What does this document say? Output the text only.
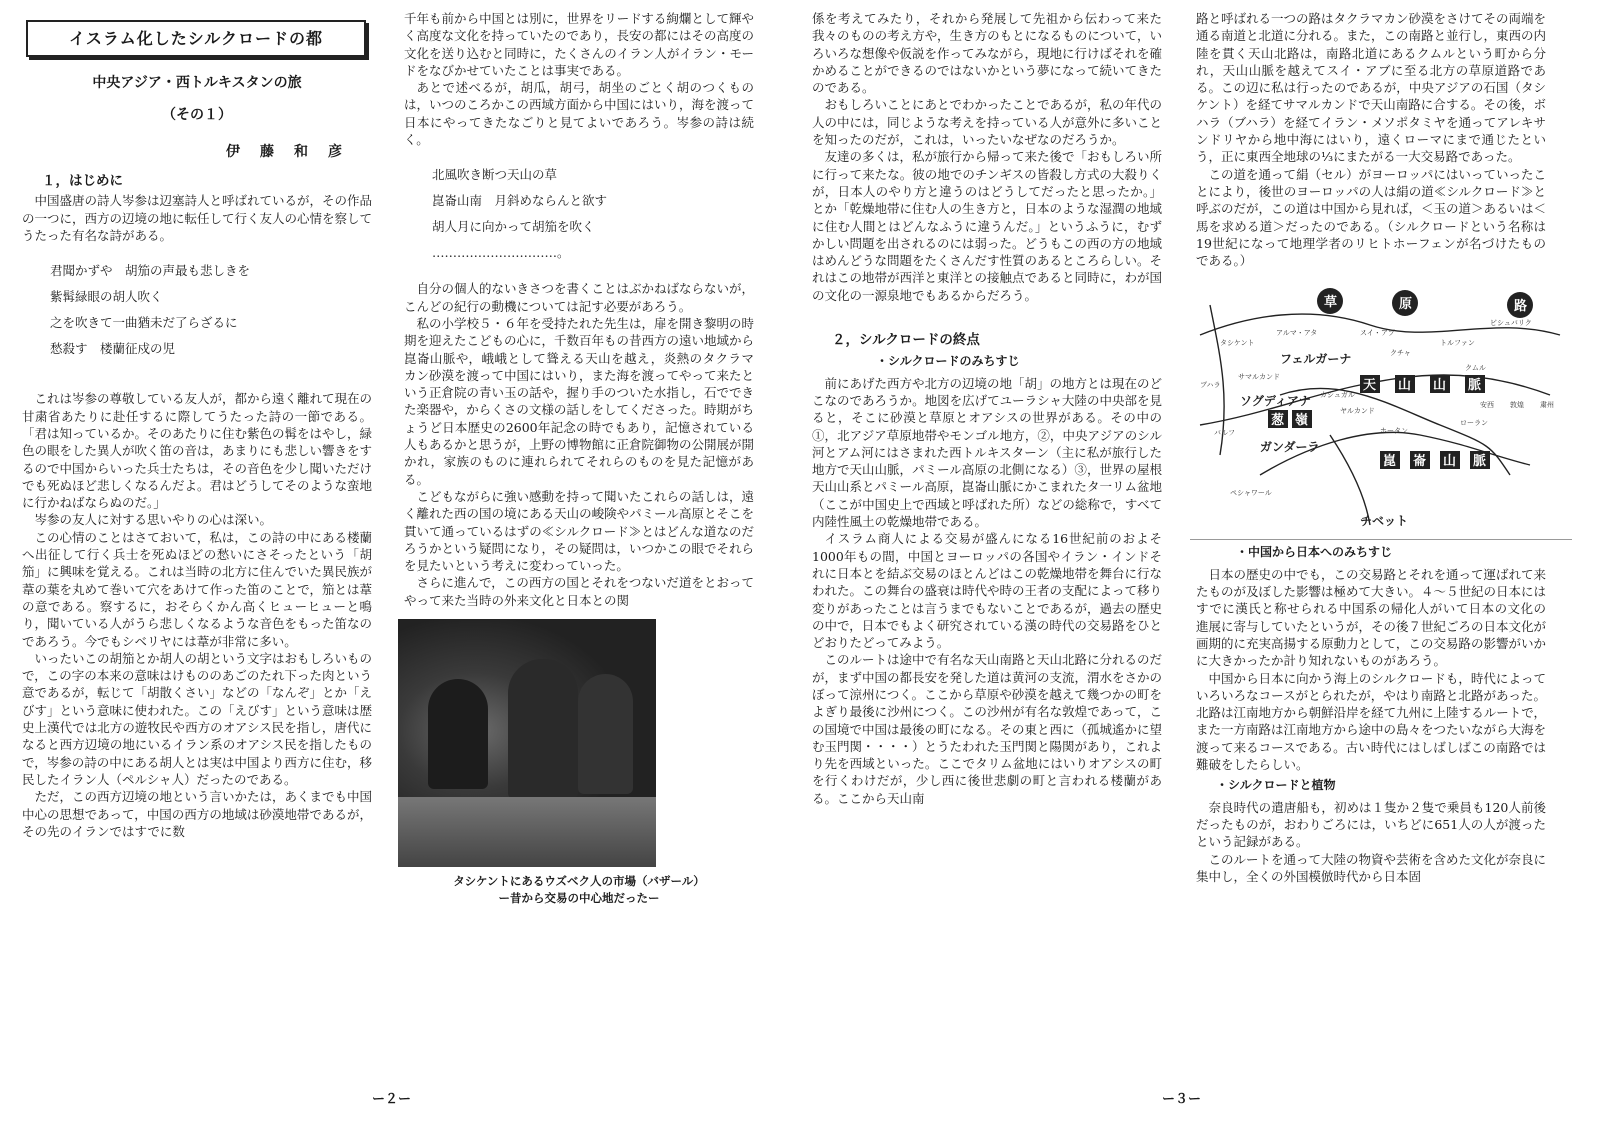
イスラム化したシルクロードの都
中央アジア・西トルキスタンの旅
（その１）
伊藤和彦
１，はじめに

中国盛唐の詩人岑参は辺塞詩人と呼ばれているが，その作品の一つに，西方の辺境の地に転任して行く友人の心情を察してうたった有名な詩がある。

君聞かずや　胡笳の声最も悲しきを
紫髯緑眼の胡人吹く
之を吹きて一曲猶未だ了らざるに
愁殺す　楼蘭征戍の児

これは岑参の尊敬している友人が，都から遠く離れて現在の甘粛省あたりに赴任するに際してうたった詩の一節である。「君は知っているか。そのあたりに住む紫色の髯をはやし，緑色の眼をした異人が吹く笛の音は，あまりにも悲しい響きをするので中国からいった兵士たちは，その音色を少し聞いただけでも死ぬほど悲しくなるんだよ。君はどうしてそのような蛮地に行かねばならぬのだ。」

岑参の友人に対する思いやりの心は深い。

この心情のことはさておいて，私は，この詩の中にある楼蘭へ出征して行く兵士を死ぬほどの愁いにさそったという「胡笳」に興味を覚える。これは当時の北方に住んでいた異民族が葦の葉を丸めて巻いて穴をあけて作った笛のことで，笳とは葦の意である。察するに，おそらくかん高くヒューヒューと鳴り，聞いている人がうら悲しくなるような音色をもった笛なのであろう。今でもシベリヤには葦が非常に多い。

いったいこの胡笳とか胡人の胡という文字はおもしろいもので，この字の本来の意味はけもののあごのたれ下った肉という意であるが，転じて「胡散くさい」などの「なんぞ」とか「えびす」という意味に使われた。この「えびす」という意味は歴史上漢代では北方の遊牧民や西方のオアシス民を指し，唐代になると西方辺境の地にいるイラン系のオアシス民を指したもので，岑参の詩の中にある胡人とは実は中国より西方に住む，移民したイラン人（ペルシャ人）だったのである。

ただ，この西方辺境の地という言いかたは，あくまでも中国中心の思想であって，中国の西方の地域は砂漠地帯であるが，その先のイランではすでに数

千年も前から中国とは別に，世界をリードする絢爛として輝やく高度な文化を持っていたのであり，長安の都にはその高度の文化を送り込むと同時に，たくさんのイラン人がイラン・モードをなびかせていたことは事実である。

あとで述べるが，胡瓜，胡弓，胡坐のごとく胡のつくものは，いつのころかこの西域方面から中国にはいり，海を渡って日本にやってきたなごりと見てよいであろう。岑参の詩は続く。

北風吹き断つ天山の草
崑崙山南　月斜めならんと欲す
胡人月に向かって胡笳を吹く
…………………………。

自分の個人的ないきさつを書くことはぶかねばならないが，こんどの紀行の動機については記す必要があろう。

私の小学校５・６年を受持たれた先生は，扉を開き黎明の時期を迎えたこどもの心に，千数百年もの昔西方の遠い地域から崑崙山脈や，峨峨として聳える天山を越え，炎熱のタクラマカン砂漠を渡って中国にはいり，また海を渡ってやって来たという正倉院の青い玉の話や，握り手のついた水指し，石でできた楽器や，からくさの文様の話しをしてくださった。時期がちょうど日本歴史の2600年記念の時でもあり，記憶されている人もあるかと思うが，上野の博物館に正倉院御物の公開展が開かれ，家族のものに連れられてそれらのものを見た記憶がある。

こどもながらに強い感動を持って聞いたこれらの話しは，遠く離れた西の国の境にある天山の峻険やパミール高原とそこを貫いて通っているはずの≪シルクロード≫とはどんな道なのだろうかという疑問になり，その疑問は，いつかこの眼でそれらを見たいという考えに変わっていった。

さらに進んで，この西方の国とそれをつないだ道をとおってやって来た当時の外来文化と日本との関

タシケントにあるウズベク人の市場（バザール）
ー昔から交易の中心地だったー
ー２ー

係を考えてみたり，それから発展して先祖から伝わって来た我々のものの考え方や，生き方のもとになるものについて，いろいろな想像や仮説を作ってみながら，現地に行けばそれを確かめることができるのではないかという夢になって続いてきたのである。

おもしろいことにあとでわかったことであるが，私の年代の人の中には，同じような考えを持っている人が意外に多いことを知ったのだが，これは，いったいなぜなのだろうか。

友達の多くは，私が旅行から帰って来た後で「おもしろい所に行って来たな。彼の地でのチンギスの皆殺し方式の大殺りくが，日本人のやり方と違うのはどうしてだったと思ったか。」とか「乾燥地帯に住む人の生き方と，日本のような湿潤の地域に住む人間とはどんなふうに違うんだ。」というふうに，むずかしい問題を出されるのには弱った。どうもこの西の方の地域はめんどうな問題をたくさんだす性質のあるところらしい。それはこの地帯が西洋と東洋との接触点であると同時に，わが国の文化の一源泉地でもあるからだろう。

２，シルクロードの終点
・シルクロードのみちすじ

前にあげた西方や北方の辺境の地「胡」の地方とは現在のどこなのであろうか。地図を広げてユーラシャ大陸の中央部を見ると，そこに砂漠と草原とオアシスの世界がある。その中の①，北アジア草原地帯やモンゴル地方，②，中央アジアのシル河とアム河にはさまれた西トルキスターン（主に私が旅行した地方で天山山脈，パミール高原の北側になる）③，世界の屋根天山山系とパミール高原，崑崙山脈にかこまれたタ一リム盆地（ここが中国史上で西域と呼ばれた所）などの総称で，すべて内陸性風土の乾燥地帯である。

イスラム商人による交易が盛んになる16世紀前のおよそ1000年もの間，中国とヨーロッパの各国やイラン・インドそれに日本とを結ぶ交易のほとんどはこの乾燥地帯を舞台に行なわれた。この舞台の盛衰は時代や時の王者の支配によって移り変りがあったことは言うまでもないことであるが，過去の歴史の中で，日本でもよく研究されている漢の時代の交易路をひとどおりたどってみよう。

このルートは途中で有名な天山南路と天山北路に分れるのだが，まず中国の都長安を発した道は黄河の支流，渭水をさかのぼって涼州につく。ここから草原や砂漠を越えて幾つかの町をよぎり最後に沙州につく。この沙州が有名な敦煌であって，この国境で中国は最後の町になる。その東と西に（孤城遙かに望む玉門関・・・・）とうたわれた玉門関と陽関があり，これより先を西域といった。ここでタリム盆地にはいりオアシスの町を行くわけだが，少し西に後世悲劇の町と言われる楼蘭がある。ここから天山南

路と呼ばれる一つの路はタクラマカン砂漠をさけてその両端を通る南道と北道に分れる。また，この南路と並行し，東西の内陸を貫く天山北路は，南路北道にあるクムルという町から分れ，天山山脈を越えてスイ・アブに至る北方の草原道路である。この辺に私は行ったのであるが，中央アジアの石国（タシケント）を経てサマルカンドで天山南路に合する。その後，ボハラ（ブハラ）を経てイラン・メソポタミヤを通ってアレキサンドリヤから地中海にはいり，遠くローマにまで通じたという，正に東西全地球の⅓にまたがる一大交易路であった。

この道を通って絹（セル）がヨーロッパにはいっていったことにより，後世のヨーロッパの人は絹の道≪シルクロード≫と呼ぶのだが，この道は中国から見れば，＜玉の道＞あるいは＜馬を求める道＞だったのである。（シルクロードという名称は19世紀になって地理学者のリヒトホーフェンが名づけたものである。）

草	原	路
天 山 山 脈
崑 崙 山 脈
葱 嶺
フェルガーナ
ソグディアナ
ガンダーラ
チベット
アルマ・アタ
タシケント
サマルカンド
ブハラ
バルフ
カシュガル
ヤルカンド
ホータン
クチャ
トルファン
ローラン
敦煌
安西	粛州
クムル
ビシュバリク
ペシャワール
スイ・アブ
・中国から日本へのみちすじ

日本の歴史の中でも，この交易路とそれを通って運ばれて来たものが及ぼした影響は極めて大きい。４～５世紀の日本にはすでに漢氏と称せられる中国系の帰化人がいて日本の文化の進展に寄与していたというが，その後７世紀ごろの日本文化が画期的に充実高揚する原動力として，この交易路の影響がいかに大きかったか計り知れないものがあろう。

中国から日本に向かう海上のシルクロードも，時代によっていろいろなコースがとられたが，やはり南路と北路があった。北路は江南地方から朝鮮沿岸を経て九州に上陸するルートで，また一方南路は江南地方から途中の島々をつたいながら大海を渡って来るコースである。古い時代にはしばしばこの南路では難破をしたらしい。

・シルクロードと植物

奈良時代の遣唐船も，初めは１隻か２隻で乗員も120人前後だったものが，おわりごろには，いちどに651人の人が渡ったという記録がある。

このルートを通って大陸の物資や芸術を含めた文化が奈良に集中し，全くの外国模倣時代から日本固

ー３ー
